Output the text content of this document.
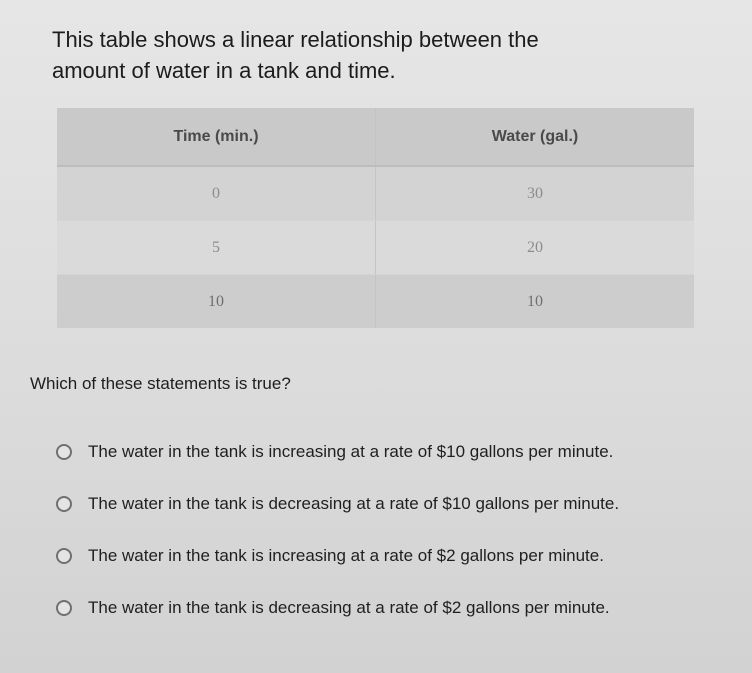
This table shows a linear relationship between the
amount of water in a tank and time.
Time (min.)	Water (gal.)
0	30
5	20
10	10
Which of these statements is true?
The water in the tank is increasing at a rate of $10 gallons per minute.
The water in the tank is decreasing at a rate of $10 gallons per minute.
The water in the tank is increasing at a rate of $2 gallons per minute.
The water in the tank is decreasing at a rate of $2 gallons per minute.
